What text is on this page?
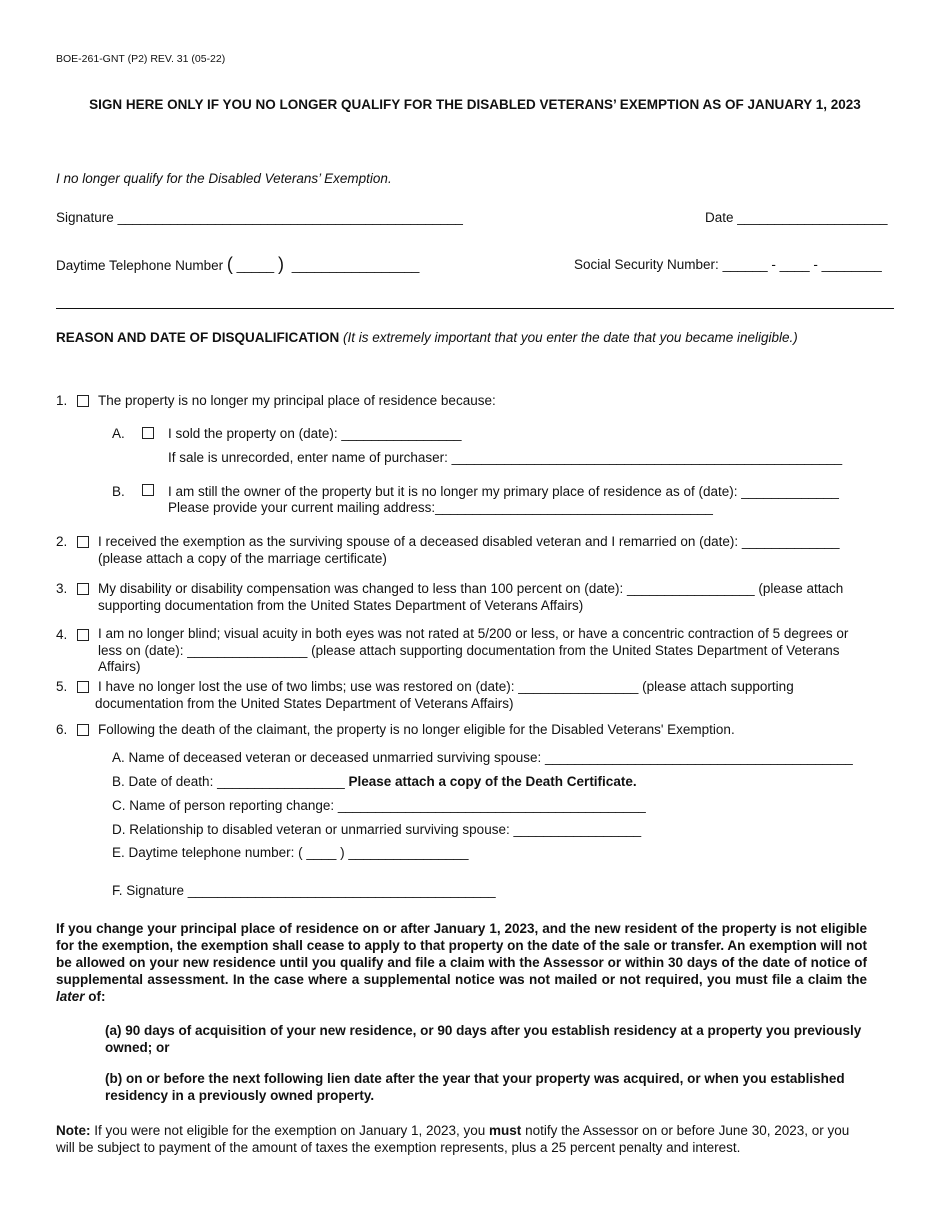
BOE-261-GNT (P2) REV. 31 (05-22)
SIGN HERE ONLY IF YOU NO LONGER QUALIFY FOR THE DISABLED VETERANS’ EXEMPTION AS OF JANUARY 1, 2023
I no longer qualify for the Disabled Veterans’ Exemption.
Signature ______________________________________________	Date ____________________
Daytime Telephone Number ( _____ ) _________________	Social Security Number: ______ - ____ - ________
REASON AND DATE OF DISQUALIFICATION (It is extremely important that you enter the date that you became ineligible.)
1. The property is no longer my principal place of residence because:
A.	I sold the property on (date): ________________
If sale is unrecorded, enter name of purchaser: ____________________________________________________
B.	I am still the owner of the property but it is no longer my primary place of residence as of (date): _____________
Please provide your current mailing address:_____________________________________
2. I received the exemption as the surviving spouse of a deceased disabled veteran and I remarried on (date): _____________
(please attach a copy of the marriage certificate)
3. My disability or disability compensation was changed to less than 100 percent on (date): _________________ (please attach
supporting documentation from the United States Department of Veterans Affairs)
4. I am no longer blind; visual acuity in both eyes was not rated at 5/200 or less, or have a concentric contraction of 5 degrees or
less on (date): ________________ (please attach supporting documentation from the United States Department of Veterans
Affairs)
5. I have no longer lost the use of two limbs; use was restored on (date): ________________ (please attach supporting
documentation from the United States Department of Veterans Affairs)
6. Following the death of the claimant, the property is no longer eligible for the Disabled Veterans' Exemption.
A. Name of deceased veteran or deceased unmarried surviving spouse: _________________________________________
B. Date of death: _________________ Please attach a copy of the Death Certificate.
C. Name of person reporting change: _________________________________________
D. Relationship to disabled veteran or unmarried surviving spouse: _________________
E. Daytime telephone number: ( ____ ) ________________
F. Signature _________________________________________
If you change your principal place of residence on or after January 1, 2023, and the new resident of the property is not eligible for the exemption, the exemption shall cease to apply to that property on the date of the sale or transfer. An exemption will not be allowed on your new residence until you qualify and file a claim with the Assessor or within 30 days of the date of notice of supplemental assessment. In the case where a supplemental notice was not mailed or not required, you must file a claim the later of:
(a) 90 days of acquisition of your new residence, or 90 days after you establish residency at a property you previously owned; or
(b) on or before the next following lien date after the year that your property was acquired, or when you established residency in a previously owned property.
Note: If you were not eligible for the exemption on January 1, 2023, you must notify the Assessor on or before June 30, 2023, or you will be subject to payment of the amount of taxes the exemption represents, plus a 25 percent penalty and interest.
